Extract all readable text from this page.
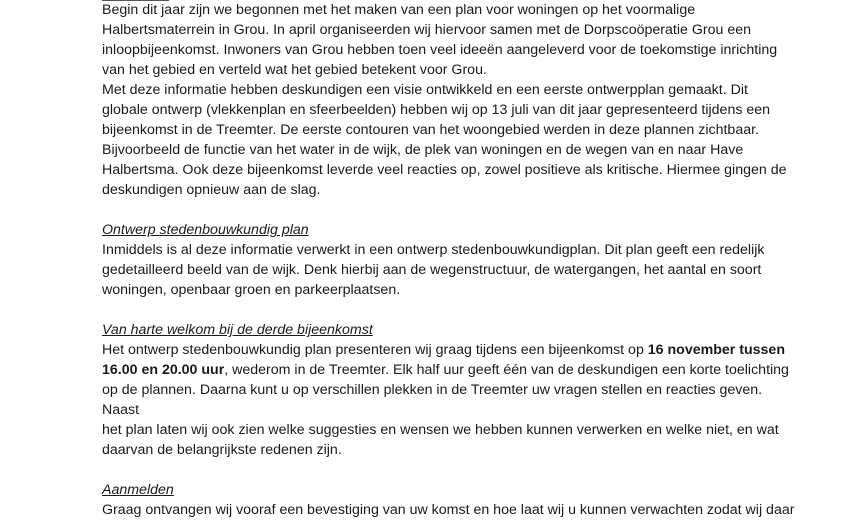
Begin dit jaar zijn we begonnen met het maken van een plan voor woningen op het voormalige

Halbertsmaterrein in Grou. In april organiseerden wij hiervoor samen met de Dorpscoöperatie Grou een

inloopbijeenkomst. Inwoners van Grou hebben toen veel ideeën aangeleverd voor de toekomstige inrichting

van het gebied en verteld wat het gebied betekent voor Grou.

Met deze informatie hebben deskundigen een visie ontwikkeld en een eerste ontwerpplan gemaakt. Dit

globale ontwerp (vlekkenplan en sfeerbeelden) hebben wij op 13 juli van dit jaar gepresenteerd tijdens een

bijeenkomst in de Treemter. De eerste contouren van het woongebied werden in deze plannen zichtbaar.

Bijvoorbeeld de functie van het water in de wijk, de plek van woningen en de wegen van en naar Have

Halbertsma. Ook deze bijeenkomst leverde veel reacties op, zowel positieve als kritische. Hiermee gingen de

deskundigen opnieuw aan de slag.

Ontwerp stedenbouwkundig plan

Inmiddels is al deze informatie verwerkt in een ontwerp stedenbouwkundigplan. Dit plan geeft een redelijk

gedetailleerd beeld van de wijk. Denk hierbij aan de wegenstructuur, de watergangen, het aantal en soort

woningen, openbaar groen en parkeerplaatsen.

Van harte welkom bij de derde bijeenkomst

Het ontwerp stedenbouwkundig plan presenteren wij graag tijdens een bijeenkomst op 16 november tussen

16.00 en 20.00 uur, wederom in de Treemter. Elk half uur geeft één van de deskundigen een korte toelichting

op de plannen. Daarna kunt u op verschillen plekken in de Treemter uw vragen stellen en reacties geven. Naast

het plan laten wij ook zien welke suggesties en wensen we hebben kunnen verwerken en welke niet, en wat

daarvan de belangrijkste redenen zijn.

Aanmelden

Graag ontvangen wij vooraf een bevestiging van uw komst en hoe laat wij u kunnen verwachten zodat wij daar
